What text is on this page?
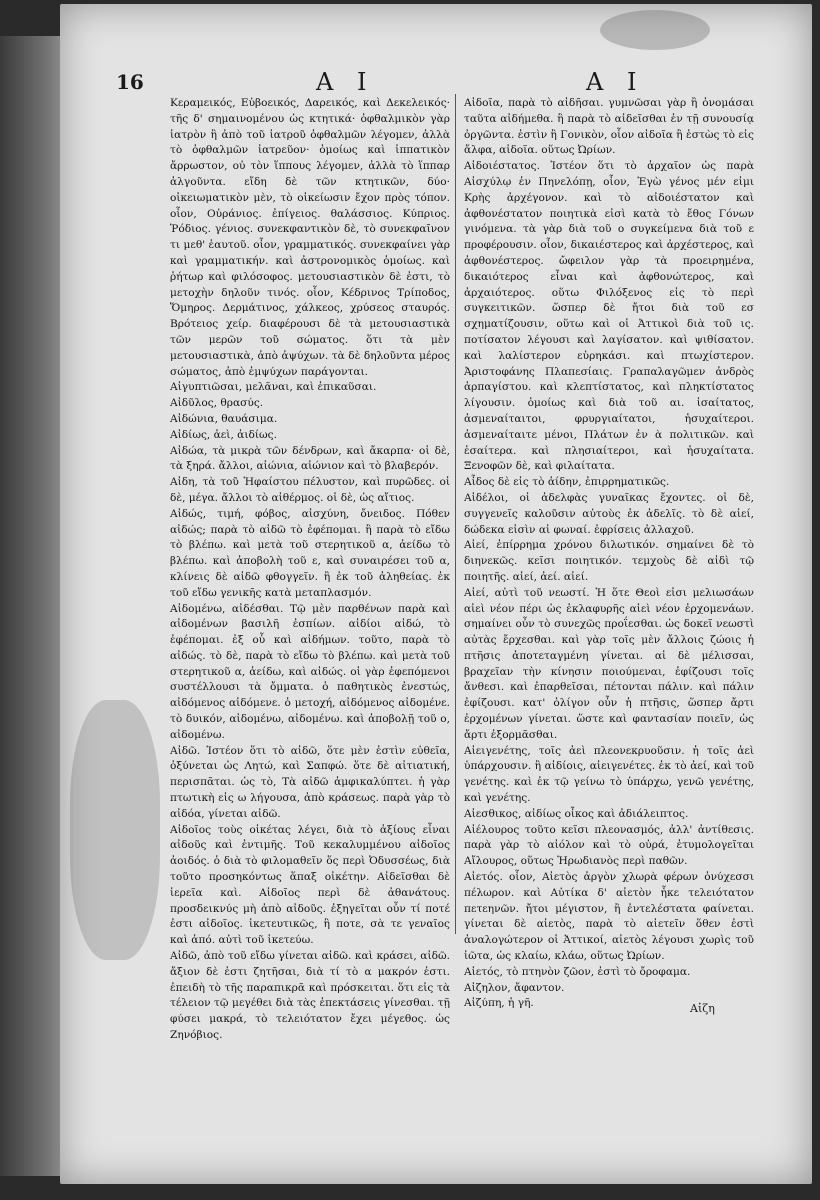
16	A I	A I

Κεραμεικός, Εὐβοεικός, Δαρεικός, καὶ Δεκελεικός· τῆς δ' σημαινομένου ὡς κτητικά· ὀφθαλμικὸν γὰρ ἰατρὸν ἢ ἀπὸ τοῦ ἰατροῦ ὀφθαλμῶν λέγομεν, ἀλλὰ τὸ ὀφθαλμῶν ἰατρεῦον· ὁμοίως καὶ ἰππατικὸν ἄρρωστον, οὐ τὸν ἵππους λέγομεν, ἀλλὰ τὸ ἵππαρ ἀλγοῦντα. εἴδη δὲ τῶν κτητικῶν, δύο· οἰκειωματικὸν μὲν, τὸ οἰκείωσιν ἔχον πρὸς τόπον. οἷον, Οὐράνιος. ἐπίγειος. θαλάσσιος. Κύπριος. Ῥόδιος. γένιος. συνεκφαντικὸν δὲ, τὸ συνεκφαῖνον τι μεθ' ἑαυτοῦ. οἷον, γραμματικός. συνεκφαίνει γὰρ καὶ γραμματικήν. καὶ ἀστρονομικὸς ὁμοίως. καὶ ῥήτωρ καὶ φιλόσοφος. μετουσιαστικὸν δὲ ἐστι, τὸ μετοχὴν δηλοῦν τινός. οἷον, Κέδρινος Τρίποδος, Ὅμηρος. Δερμάτινος, χάλκεος, χρύσεος σταυρός. Βρότειος χείρ. διαφέρουσι δὲ τὰ μετουσιαστικὰ τῶν μερῶν τοῦ σώματος. ὅτι τὰ μὲν μετουσιαστικὰ, ἀπὸ ἀψύχων. τὰ δὲ δηλοῦντα μέρος σώματος, ἀπὸ ἐμψύχων παράγονται.

Αἰγυπτιῶσαι, μελᾶναι, καὶ ἐπικαῦσαι.

Αἰδῦλος, θρασύς.

Αἰδώνια, θαυάσιμα.

Αἰδίως, ἀεὶ, ἀιδίως.

Αἰδώα, τὰ μικρὰ τῶν δένδρων, καὶ ἄκαρπα· οἱ δὲ, τὰ ξηρά. ἄλλοι, αἰώνια, αἰώνιον καὶ τὸ βλαβερόν.

Αἰδη, τὰ τοῦ Ἡφαίστου πέλυστον, καὶ πυρῶδες. οἱ δὲ, μέγα. ἄλλοι τὸ αἰθέρμος. οἱ δὲ, ὡς αἴτιος.

Αἰδώς, τιμή, φόβος, αἰσχύνη, ὄνειδος. Πόθεν αἰδώς; παρὰ τὸ αἰδῶ τὸ ἐφέπομαι. ἢ παρὰ τὸ εἴδω τὸ βλέπω. καὶ μετὰ τοῦ στερητικοῦ α, ἀείδω τὸ βλέπω. καὶ ἀποβολὴ τοῦ ε, καὶ συναιρέσει τοῦ α, κλίνεις δὲ αἰδῶ φθογγεῖν. ἢ ἐκ τοῦ ἀληθείας. ἐκ τοῦ εἴδω γενικῆς κατὰ μεταπλασμόν.

Αἰδομένω, αἰδέσθαι. Τῷ μὲν παρθένων παρὰ καὶ αἰδομένων βασιλῆ ἐσπίων. αἰδίοι αἰδώ, τὸ ἐφέπομαι. ἐξ οὗ καὶ αἰδήμων. τοῦτο, παρὰ τὸ αἰδώς. τὸ δὲ, παρὰ τὸ εἴδω τὸ βλέπω. καὶ μετὰ τοῦ στερητικοῦ α, ἀείδω, καὶ αἰδώς. οἱ γὰρ ἐφεπόμενοι συστέλλουσι τὰ ὄμματα. ὁ παθητικὸς ἐνεστώς, αἰδόμενος αἰδόμενε. ὁ μετοχή, αἰδόμενος αἰδομένε. τὸ δυικόν, αἰδομένω, αἰδομένω. καὶ ἀποβολῇ τοῦ ο, αἰδομένω.

Αἰδῶ. Ἰστέον ὅτι τὸ αἰδῶ, ὅτε μὲν ἐστὶν εὐθεῖα, ὀξύνεται ὡς Λητώ, καὶ Σαπφώ. ὅτε δὲ αἰτιατική, περισπᾶται. ὡς τὸ, Τὰ αἰδῶ ἀμφικαλύπτει. ἡ γὰρ πτωτικὴ εἰς ω λήγουσα, ἀπὸ κράσεως. παρὰ γὰρ τὸ αἰδόα, γίνεται αἰδῶ.

Αἰδοῖος τοὺς οἰκέτας λέγει, διὰ τὸ ἀξίους εἶναι αἰδοῦς καὶ ἐντιμῆς. Τοῦ κεκαλυμμένου αἰδοῖος ἀοιδός. ὁ διὰ τὸ φιλομαθεῖν ὅς περὶ Ὀδυσσέως, διὰ τοῦτο προσηκόντως ἅπαξ οἰκέτην. Αἰδεῖσθαι δὲ ἱερεῖα καὶ. Αἰδοῖος περὶ δὲ ἀθανάτους. προσδεικνύς μὴ ἀπὸ αἰδοῦς. ἐξηγεῖται οὖν τί ποτέ ἐστι αἰδοῖος. ἱκετευτικῶς, ἢ ποτε, σὰ τε γεναῖος καὶ ἀπό. αὐτὶ τοῦ ἱκετεύω.

Αἰδῶ, ἀπὸ τοῦ εἴδω γίνεται αἰδῶ. καὶ κράσει, αἰδῶ. ἄξιον δὲ ἐστι ζητῆσαι, διὰ τί τὸ α μακρόν ἐστι. ἐπειδὴ τὸ τῆς παραπικρᾶ καὶ πρόσκειται. ὅτι εἰς τὰ τέλειον τῷ μεγέθει διὰ τὰς ἐπεκτάσεις γίνεσθαι. τῇ φύσει μακρά, τὸ τελειότατον ἔχει μέγεθος. ὡς Ζηνόβιος.

Αἰδοῖα, παρὰ τὸ αἰδῆσαι. γυμνῶσαι γὰρ ἢ ὀνομάσαι ταῦτα αἰδήμεθα. ἢ παρὰ τὸ αἰδεῖσθαι ἐν τῇ συνουσίᾳ ὀργῶντα. ἐστὶν ἢ Γονικὸν, οἷον αἰδοῖα ἢ ἑστὼς τὸ εἰς ἄλφα, αἰδοῖα. οὕτως Ὠρίων.

Αἰδοιέστατος. Ἰστέον ὅτι τὸ ἀρχαῖον ὡς παρὰ Αἰσχύλῳ ἐν Πηνελόπῃ, οἷον, Ἐγὼ γένος μέν εἰμι Κρὴς ἀρχέγονον. καὶ τὸ αἰδοιέστατον καὶ ἀφθονέστατον ποιητικὰ εἰσὶ κατὰ τὸ ἔθος Γόνων γινόμενα. τὰ γὰρ διὰ τοῦ ο συγκείμενα διὰ τοῦ ε προφέρουσιν. οἷον, δικαιέστερος καὶ ἀρχέστερος, καὶ ἀφθονέστερος. ὤφειλον γὰρ τὰ προειρημένα, δικαιότερος εἶναι καὶ ἀφθονώτερος, καὶ ἀρχαιότερος. οὕτω Φιλόξενος εἰς τὸ περὶ συγκειτικῶν. ὥσπερ δὲ ἤτοι διὰ τοῦ εσ σχηματίζουσιν, οὕτω καὶ οἱ Ἀττικοὶ διὰ τοῦ ις. ποτίσατον λέγουσι καὶ λαγίσατον. καὶ ψιθίσατον. καὶ λαλίστερον εὑρηκάσι. καὶ πτωχίστερον. Ἀριστοφάνης Πλαπεσίαις. Γραπαλαγῶμεν ἀνδρὸς ἁρπαγίστου. καὶ κλεπτίστατος, καὶ πληκτίστατος λίγουσιν. ὁμοίως καὶ διὰ τοῦ αι. ἰσαίτατος, ἀσμεναίταιτοι, φρυργιαίτατοι, ἡσυχαίτεροι. ἀσμεναίταιτε μένοι, Πλάτων ἐν ὰ πολιτικῶν. καὶ ἑσαίτερα. καὶ πλησιαίτεροι, καὶ ἡσυχαίτατα. Ξενοφῶν δὲ, καὶ φιλαίτατα.

Αἶδος δὲ εἰς τὸ ἀίδην, ἐπιρρηματικῶς.

Αἰδέλοι, οἱ ἀδελφὰς γυναῖκας ἔχοντες. οἱ δὲ, συγγενεῖς καλοῦσιν αὐτοὺς ἐκ ἀδελῖς. τὸ δὲ αἰεί, δώδεκα εἰσὶν αἱ φωναί. ἐφρίσεις ἀλλαχοῦ.

Αἰεί, ἐπίρρημα χρόνου διλωτικόν. σημαίνει δὲ τὸ διηνεκῶς. κεῖσι ποιητικόν. τεμχοὺς δὲ αἰδὶ τῷ ποιητῆς. αἰεί, ἀεί. αἰεί.

Αἰεί, αὐτὶ τοῦ νεωστί. Ἡ ὅτε Θεοὶ εἰσι μελιωσάων αἰεὶ νέον πέρι ὡς ἐκλαφυρῆς αἰεὶ νέον ἐρχομενάων. σημαίνει οὖν τὸ συνεχῶς προΐεσθαι. ὡς δοκεῖ νεωστὶ αὐτὰς ἔρχεσθαι. καὶ γὰρ τοῖς μὲν ἄλλοις ζώοις ἡ πτῆσις ἀποτεταγμένη γίνεται. αἱ δὲ μέλισσαι, βραχεῖαν τὴν κίνησιν ποιούμεναι, ἐφίζουσι τοῖς ἄνθεσι. καὶ ἐπαρθεῖσαι, πέτονται πάλιν. καὶ πάλιν ἐφίζουσι. κατ' ὀλίγον οὖν ἡ πτῆσις, ὥσπερ ἄρτι ἐρχομένων γίνεται. ὥστε καὶ φαντασίαν ποιεῖν, ὡς ἄρτι ἐξορμᾶσθαι.

Αἰειγενέτης, τοῖς ἀεὶ πλεονεκρυοῦσιν. ἡ τοῖς ἀεὶ ὑπάρχουσιν. ἢ αἰδίοις, αἰειγενέτες. ἐκ τὸ ἀεί, καὶ τοῦ γενέτης. καὶ ἐκ τῷ γείνω τὸ ὑπάρχω, γενῶ γενέτης, καὶ γενέτης.

Αἰεσθικος, αἰδίως οἶκος καὶ ἀδιάλειπτος.

Αἰέλουρος τοῦτο κεῖσι πλεονασμός, ἀλλ' ἀντίθεσις. παρὰ γὰρ τὸ αἰόλον καὶ τὸ οὐρά, ἐτυμολογεῖται Αἴλουρος, οὕτως Ἡρωδιανὸς περὶ παθῶν.

Αἰετός. οἷον, Αἰετὸς ἀργὸν χλωρὰ φέρων ὀνύχεσσι πέλωρον. καὶ Αὐτίκα δ' αἰετὸν ἧκε τελειότατον πετεηνῶν. ἤτοι μέγιστον, ἢ ἐντελέστατα φαίνεται. γίνεται δὲ αἰετὸς, παρὰ τὸ αἰετεῖν ὅθεν ἐστὶ ἀναλογώτερον οἱ Ἀττικοί, αἰετὸς λέγουσι χωρὶς τοῦ ἰῶτα, ὡς κλαίω, κλάω, οὕτως Ὠρίων.

Αἰετός, τὸ πτηνὸν ζῶον, ἐστὶ τὸ ὄροφαμα.

Αἰζηλον, ἄφαντον.

Αἰζύπη, ἡ γῆ.	Αἰζη
